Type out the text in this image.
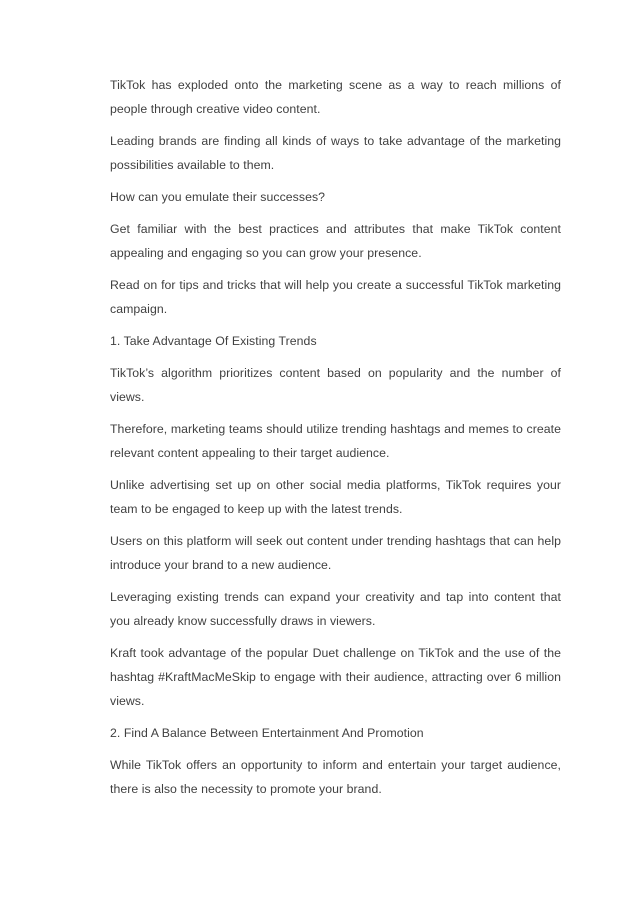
TikTok has exploded onto the marketing scene as a way to reach millions of people through creative video content.

Leading brands are finding all kinds of ways to take advantage of the marketing possibilities available to them.

How can you emulate their successes?

Get familiar with the best practices and attributes that make TikTok content appealing and engaging so you can grow your presence.

Read on for tips and tricks that will help you create a successful TikTok marketing campaign.

1. Take Advantage Of Existing Trends

TikTok’s algorithm prioritizes content based on popularity and the number of views.

Therefore, marketing teams should utilize trending hashtags and memes to create relevant content appealing to their target audience.

Unlike advertising set up on other social media platforms, TikTok requires your team to be engaged to keep up with the latest trends.

Users on this platform will seek out content under trending hashtags that can help introduce your brand to a new audience.

Leveraging existing trends can expand your creativity and tap into content that you already know successfully draws in viewers.

Kraft took advantage of the popular Duet challenge on TikTok and the use of the hashtag #KraftMacMeSkip to engage with their audience, attracting over 6 million views.

2. Find A Balance Between Entertainment And Promotion

While TikTok offers an opportunity to inform and entertain your target audience, there is also the necessity to promote your brand.
